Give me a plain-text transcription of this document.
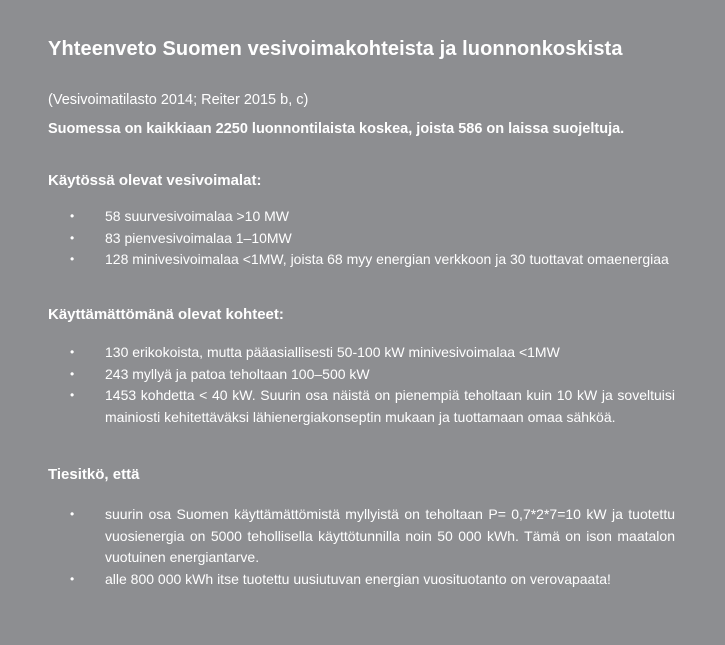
Yhteenveto Suomen vesivoimakohteista ja luonnonkoskista
(Vesivoimatilasto 2014; Reiter 2015 b, c)
Suomessa on kaikkiaan 2250 luonnontilaista koskea, joista 586 on laissa suojeltuja.
Käytössä olevat vesivoimalat:
• 58 suurvesivoimalaa >10 MW
• 83 pienvesivoimalaa 1–10MW
• 128 minivesivoimalaa <1MW, joista 68 myy energian verkkoon ja 30 tuottavat omaenergiaa
Käyttämättömänä olevat kohteet:
• 130 erikokoista, mutta pääasiallisesti 50-100 kW minivesivoimalaa <1MW
• 243 myllyä ja patoa teholtaan 100–500 kW
• 1453 kohdetta < 40 kW. Suurin osa näistä on pienempiä teholtaan kuin 10 kW ja soveltuisi mainiosti kehitettäväksi lähienergiakonseptin mukaan ja tuottamaan omaa sähköä.
Tiesitkö, että
• suurin osa Suomen käyttämättömistä myllyistä on teholtaan P= 0,7*2*7=10 kW ja tuotettu vuosienergia on 5000 tehollisella käyttötunnilla noin 50 000 kWh. Tämä on ison maatalon vuotuinen energiantarve.
• alle 800 000 kWh itse tuotettu uusiutuvan energian vuosituotanto on verovapaata!
